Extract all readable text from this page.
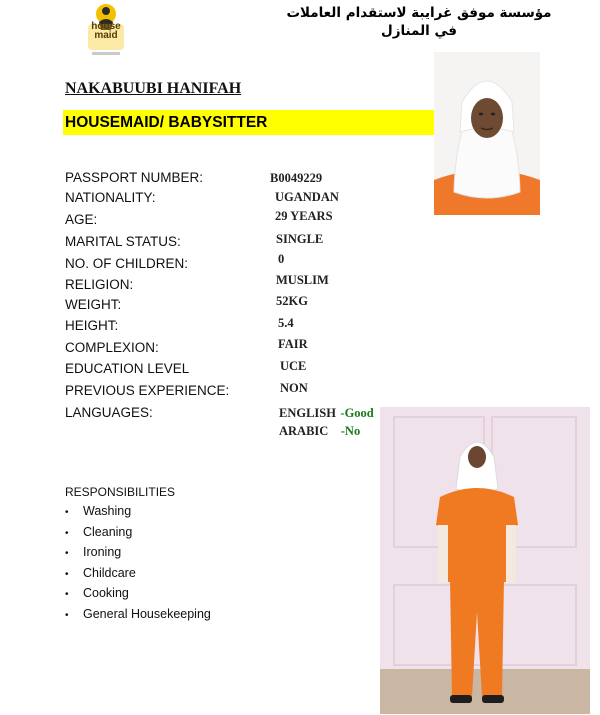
house maid
مؤسسة موفق غرايبة لاستقدام العاملات في المنازل
NAKABUUBI HANIFAH
HOUSEMAID/ BABYSITTER
PASSPORT NUMBER:	B0049229
NATIONALITY:	UGANDAN
AGE:	29 YEARS
MARITAL STATUS:	SINGLE
NO. OF CHILDREN:	0
RELIGION:	MUSLIM
WEIGHT:	52KG
HEIGHT:	5.4
COMPLEXION:	FAIR
EDUCATION LEVEL	UCE
PREVIOUS EXPERIENCE:	NON
LANGUAGES:	ENGLISH -Good
ARABIC -No
RESPONSIBILITIES
• Washing
• Cleaning
• Ironing
• Childcare
• Cooking
• General Housekeeping
